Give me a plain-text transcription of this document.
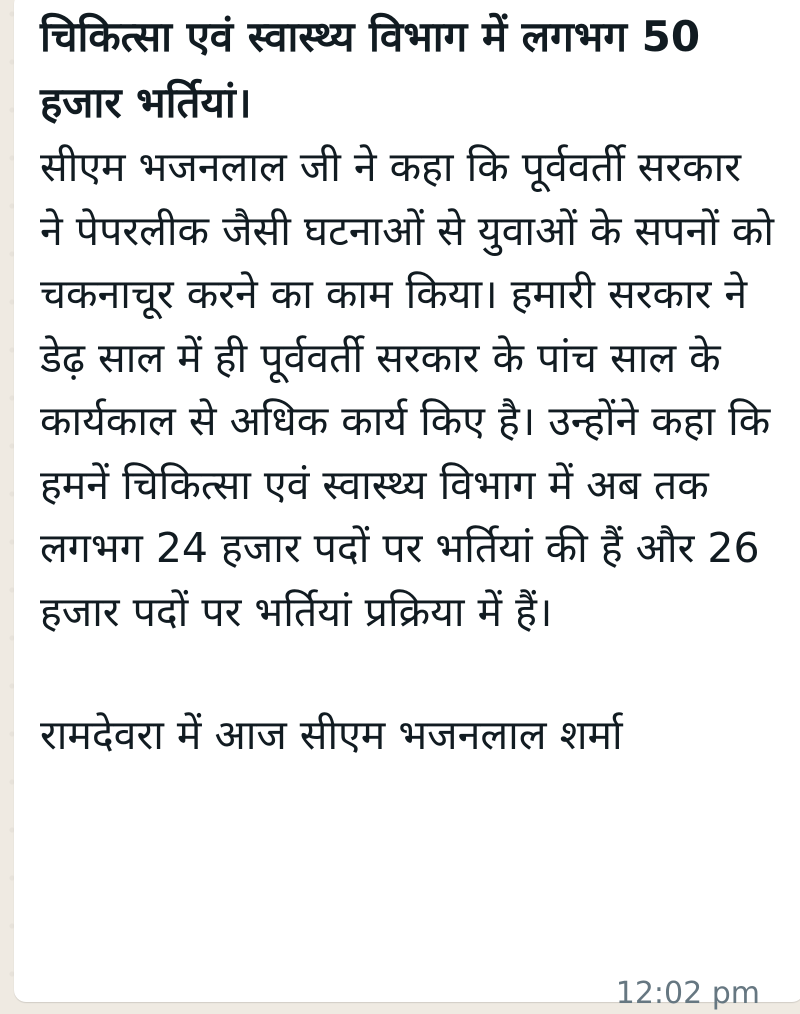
चिकित्सा एवं स्वास्थ्य विभाग में लगभग 50 हजार भर्तियां।

सीएम भजनलाल जी ने कहा कि पूर्ववर्ती सरकार ने पेपरलीक जैसी घटनाओं से युवाओं के सपनों को चकनाचूर करने का काम किया। हमारी सरकार ने डेढ़ साल में ही पूर्ववर्ती सरकार के पांच साल के कार्यकाल से अधिक कार्य किए है। उन्होंने कहा कि हमनें चिकित्सा एवं स्वास्थ्य विभाग में अब तक लगभग 24 हजार पदों पर भर्तियां की हैं और 26 हजार पदों पर भर्तियां प्रक्रिया में हैं।

रामदेवरा में आज सीएम भजनलाल शर्मा

12:02 pm
